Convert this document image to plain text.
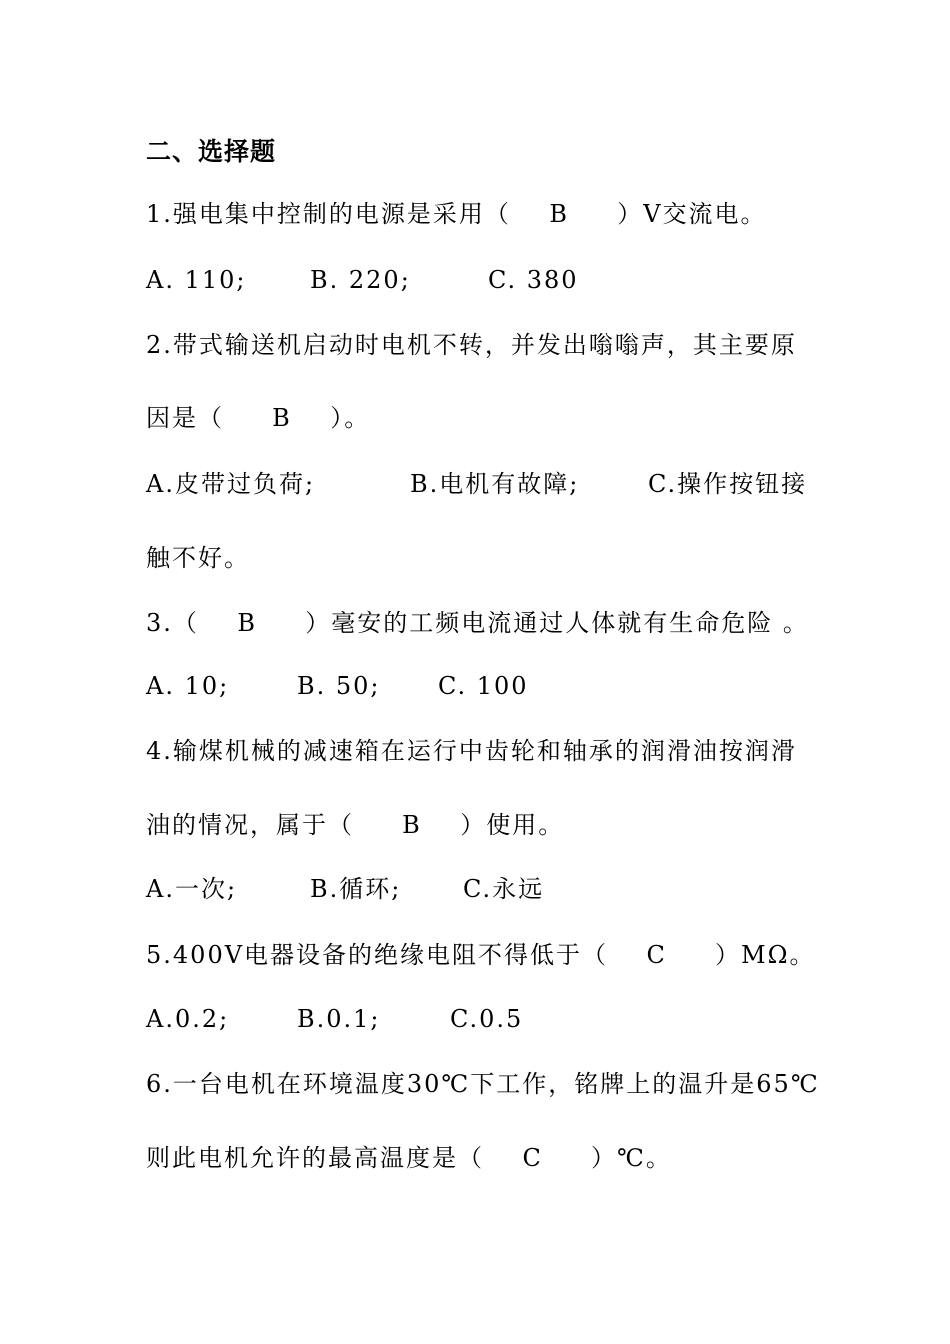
二、选择题
1.强电集中控制的电源是采用（    B     ）V交流电。
A. 110;	B. 220;	C. 380
2.带式输送机启动时电机不转，并发出嗡嗡声，其主要原
因是（     B    ）。
A.皮带过负荷;	B.电机有故障;	C.操作按钮接
触不好。
3.（    B     ）毫安的工频电流通过人体就有生命危险 。
A. 10;	B. 50;	C. 100
4.输煤机械的减速箱在运行中齿轮和轴承的润滑油按润滑
油的情况，属于（     B    ）使用。
A.一次;	B.循环;	C.永远
5.400V电器设备的绝缘电阻不得低于（    C     ）MΩ。
A.0.2;	B.0.1;	C.0.5
6.一台电机在环境温度30℃下工作，铭牌上的温升是65℃
则此电机允许的最高温度是（    C     ）℃。
